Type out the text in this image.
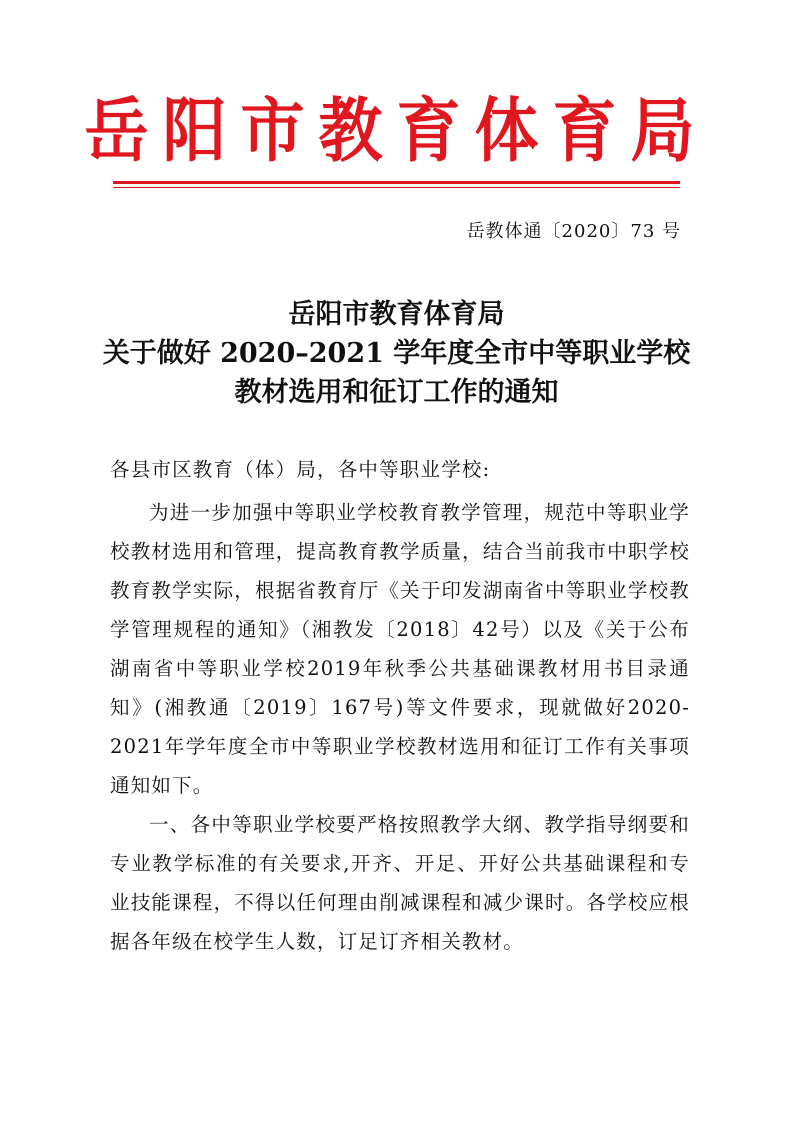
岳阳市教育体育局
岳教体通〔2020〕73 号
岳阳市教育体育局
关于做好 2020–2021 学年度全市中等职业学校
教材选用和征订工作的通知
各县市区教育（体）局，各中等职业学校:
为进一步加强中等职业学校教育教学管理，规范中等职业学校教材选用和管理，提高教育教学质量，结合当前我市中职学校教育教学实际，根据省教育厅《关于印发湖南省中等职业学校教学管理规程的通知》（湘教发〔2018〕42号）以及《关于公布湖南省中等职业学校2019年秋季公共基础课教材用书目录通知》(湘教通〔2019〕167号)等文件要求，现就做好2020-2021年学年度全市中等职业学校教材选用和征订工作有关事项通知如下。
一、各中等职业学校要严格按照教学大纲、教学指导纲要和专业教学标准的有关要求,开齐、开足、开好公共基础课程和专业技能课程，不得以任何理由削减课程和减少课时。各学校应根据各年级在校学生人数，订足订齐相关教材。
